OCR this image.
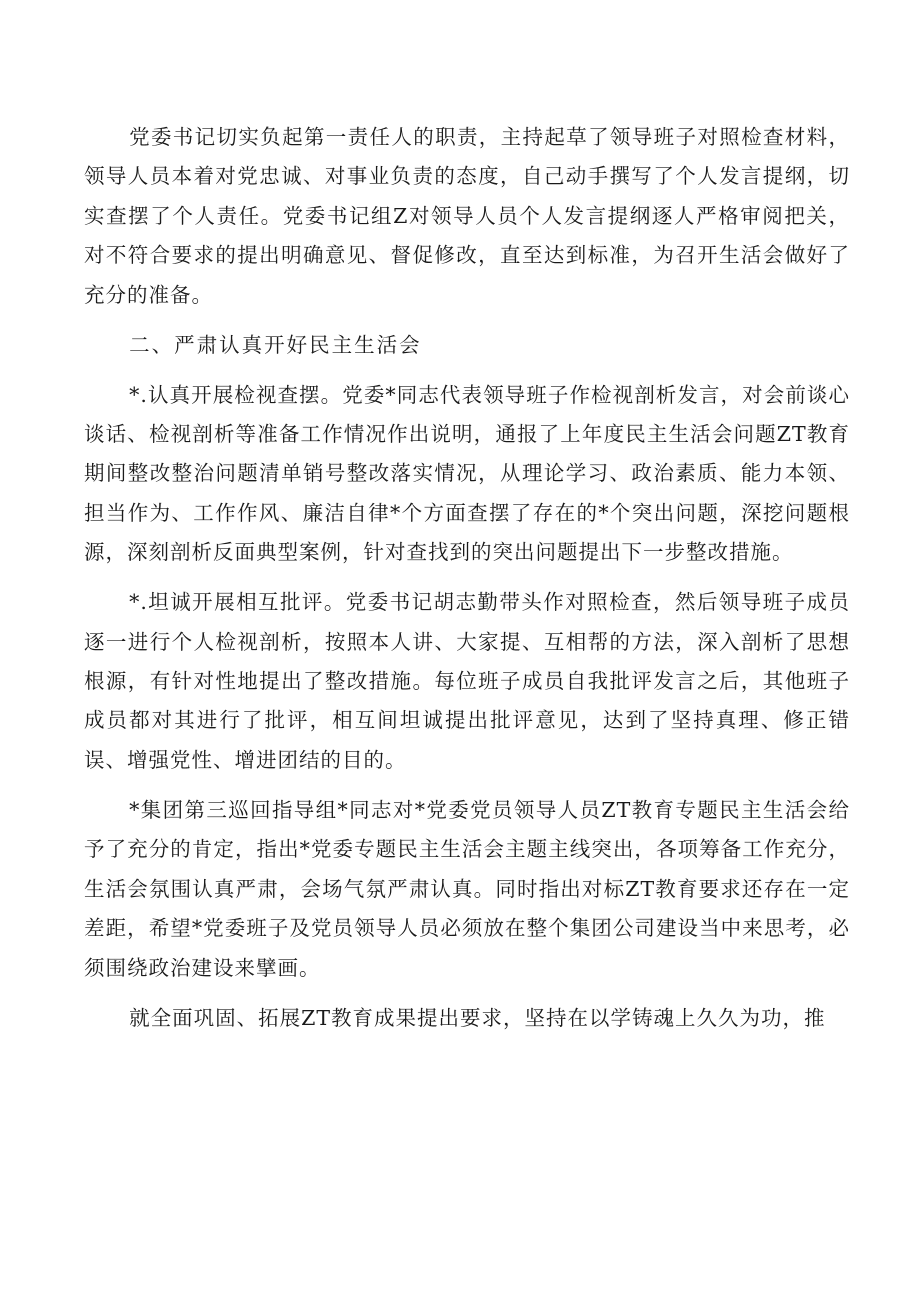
党委书记切实负起第一责任人的职责，主持起草了领导班子对照检查材料，领导人员本着对党忠诚、对事业负责的态度，自己动手撰写了个人发言提纲，切实查摆了个人责任。党委书记组Z对领导人员个人发言提纲逐人严格审阅把关，对不符合要求的提出明确意见、督促修改，直至达到标准，为召开生活会做好了充分的准备。

二、严肃认真开好民主生活会

*.认真开展检视查摆。党委*同志代表领导班子作检视剖析发言，对会前谈心谈话、检视剖析等准备工作情况作出说明，通报了上年度民主生活会问题ZT教育期间整改整治问题清单销号整改落实情况，从理论学习、政治素质、能力本领、担当作为、工作作风、廉洁自律*个方面查摆了存在的*个突出问题，深挖问题根源，深刻剖析反面典型案例，针对查找到的突出问题提出下一步整改措施。

*.坦诚开展相互批评。党委书记胡志勤带头作对照检查，然后领导班子成员逐一进行个人检视剖析，按照本人讲、大家提、互相帮的方法，深入剖析了思想根源，有针对性地提出了整改措施。每位班子成员自我批评发言之后，其他班子成员都对其进行了批评，相互间坦诚提出批评意见，达到了坚持真理、修正错误、增强党性、增进团结的目的。

*集团第三巡回指导组*同志对*党委党员领导人员ZT教育专题民主生活会给予了充分的肯定，指出*党委专题民主生活会主题主线突出，各项筹备工作充分，生活会氛围认真严肃，会场气氛严肃认真。同时指出对标ZT教育要求还存在一定差距，希望*党委班子及党员领导人员必须放在整个集团公司建设当中来思考，必须围绕政治建设来擘画。

就全面巩固、拓展ZT教育成果提出要求，坚持在以学铸魂上久久为功，推
